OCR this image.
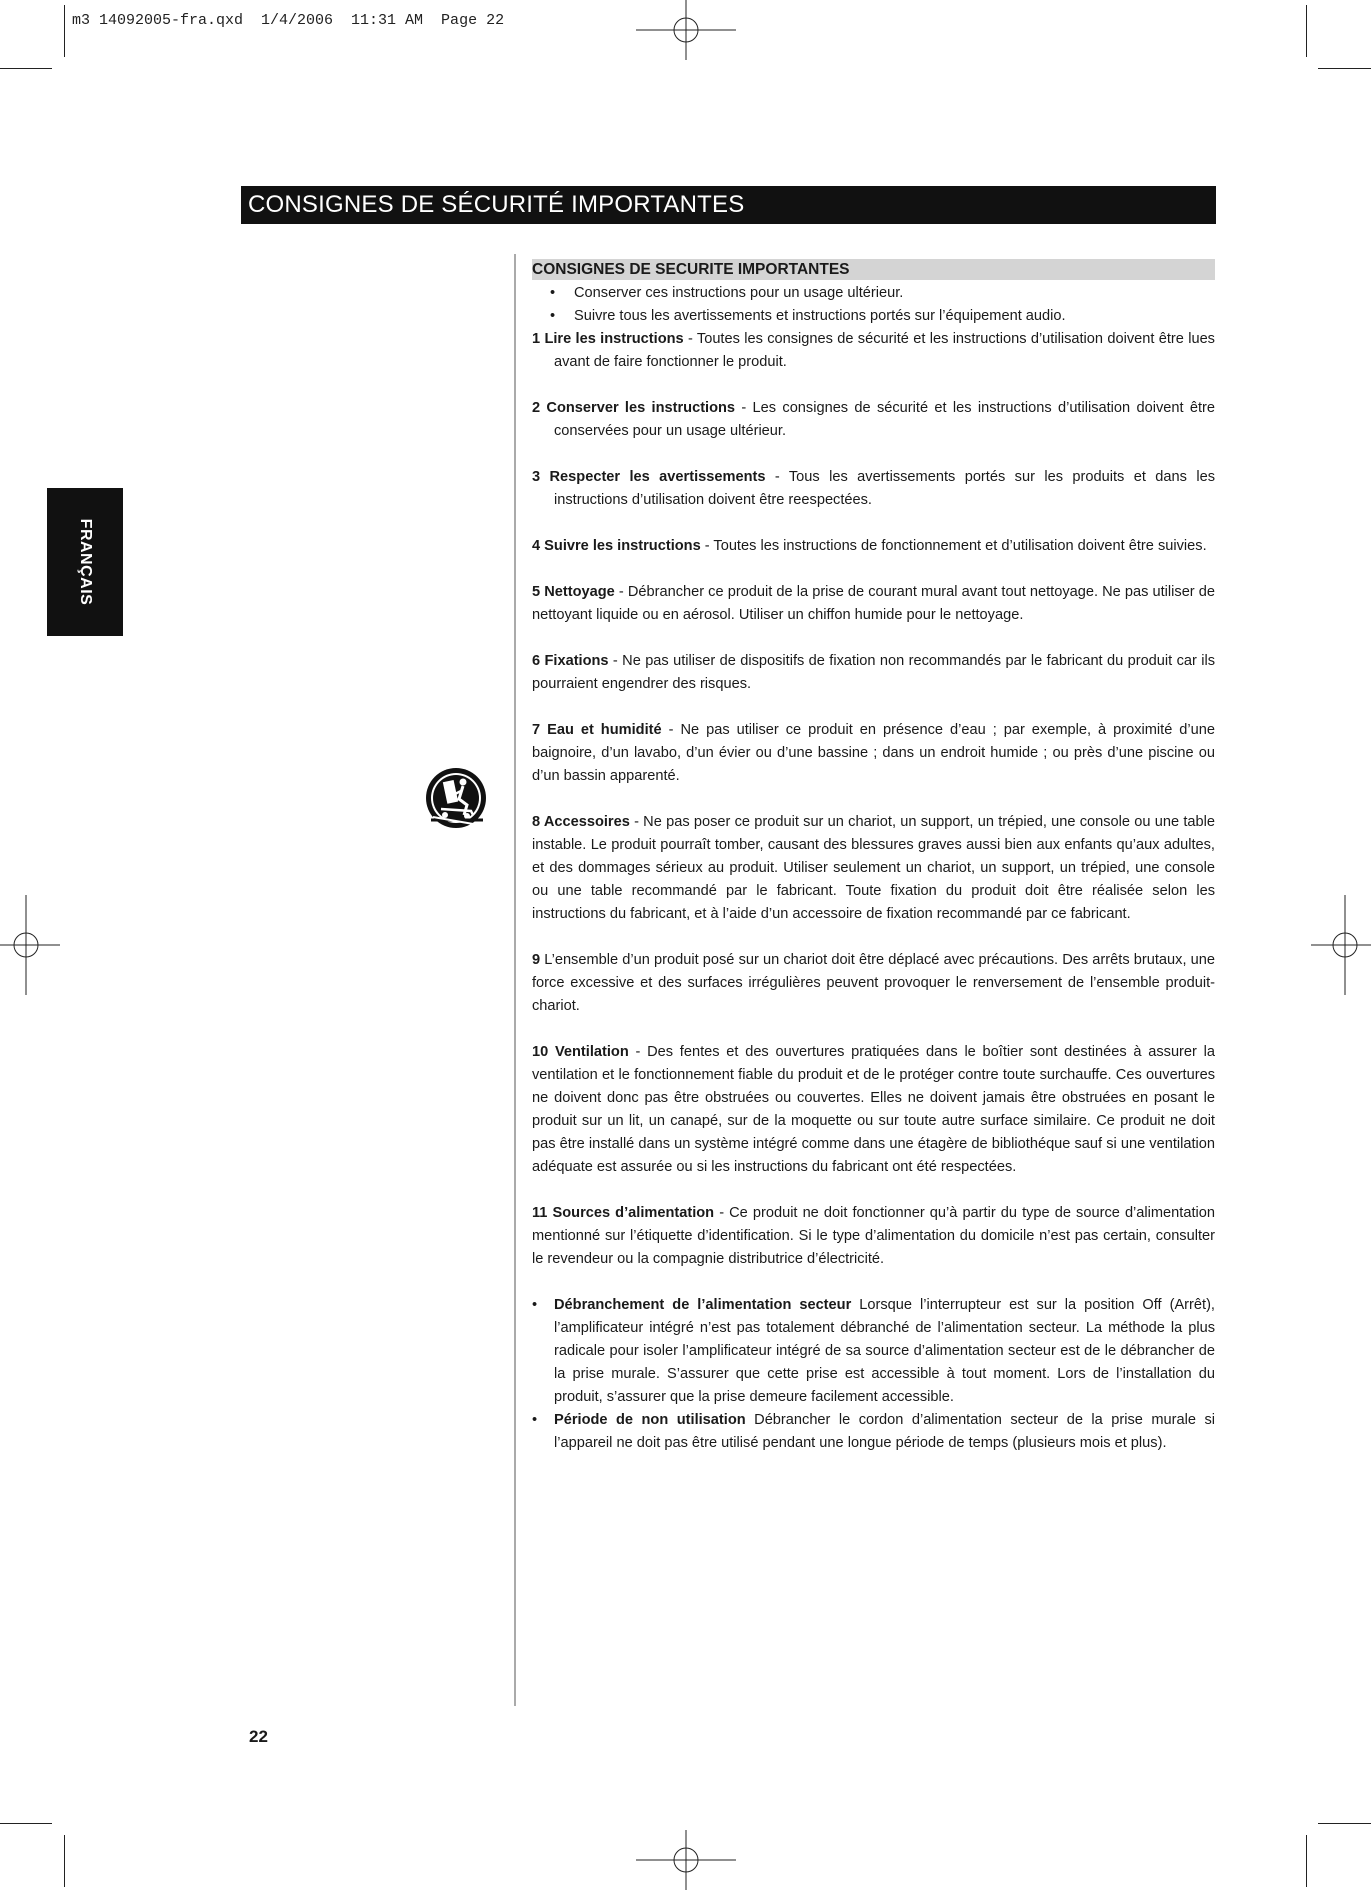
m3 14092005-fra.qxd  1/4/2006  11:31 AM  Page 22
CONSIGNES DE SÉCURITÉ IMPORTANTES
FRANÇAIS
CONSIGNES DE SECURITE IMPORTANTES
• Conserver ces instructions pour un usage ultérieur.
• Suivre tous les avertissements et instructions portés sur l’équipement audio.
1 Lire les instructions - Toutes les consignes de sécurité et les instructions d’utilisation doivent être lues avant de faire fonctionner le produit.
2 Conserver les instructions - Les consignes de sécurité et les instructions d’utilisation doivent être conservées pour un usage ultérieur.
3 Respecter les avertissements - Tous les avertissements portés sur les produits et dans les instructions d’utilisation doivent être reespectées.
4 Suivre les instructions - Toutes les instructions de fonctionnement et d’utilisation doivent être suivies.
5 Nettoyage - Débrancher ce produit de la prise de courant mural avant tout nettoyage. Ne pas utiliser de nettoyant liquide ou en aérosol. Utiliser un chiffon humide pour le nettoyage.
6 Fixations - Ne pas utiliser de dispositifs de fixation non recommandés par le fabricant du produit car ils pourraient engendrer des risques.
7 Eau et humidité - Ne pas utiliser ce produit en présence d’eau ; par exemple, à proximité d’une baignoire, d’un lavabo, d’un évier ou d’une bassine ; dans un endroit humide ; ou près d’une piscine ou d’un bassin apparenté.
8 Accessoires - Ne pas poser ce produit sur un chariot, un support, un trépied, une console ou une table instable. Le produit pourraît tomber, causant des blessures graves aussi bien aux enfants qu’aux adultes, et des dommages sérieux au produit. Utiliser seulement un chariot, un support, un trépied, une console ou une table recommandé par le fabricant. Toute fixation du produit doit être réalisée selon les instructions du fabricant, et à l’aide d’un accessoire de fixation recommandé par ce fabricant.
9 L’ensemble d’un produit posé sur un chariot doit être déplacé avec précautions. Des arrêts brutaux, une force excessive et des surfaces irrégulières peuvent provoquer le renversement de l’ensemble produit-chariot.
10 Ventilation - Des fentes et des ouvertures pratiquées dans le boîtier sont destinées à assurer la ventilation et le fonctionnement fiable du produit et de le protéger contre toute surchauffe. Ces ouvertures ne doivent donc pas être obstruées ou couvertes. Elles ne doivent jamais être obstruées en posant le produit sur un lit, un canapé, sur de la moquette ou sur toute autre surface similaire. Ce produit ne doit pas être installé dans un système intégré comme dans une étagère de bibliothéque sauf si une ventilation adéquate est assurée ou si les instructions du fabricant ont été respectées.
11 Sources d’alimentation - Ce produit ne doit fonctionner qu’à partir du type de source d’alimentation mentionné sur l’étiquette d’identification. Si le type d’alimentation du domicile n’est pas certain, consulter le revendeur ou la compagnie distributrice d’électricité.
• Débranchement de l’alimentation secteur Lorsque l’interrupteur est sur la position Off (Arrêt), l’amplificateur intégré n’est pas totalement débranché de l’alimentation secteur. La méthode la plus radicale pour isoler l’amplificateur intégré de sa source d’alimentation secteur est de le débrancher de la prise murale. S’assurer que cette prise est accessible à tout moment. Lors de l’installation du produit, s’assurer que la prise demeure facilement accessible.
• Période de non utilisation Débrancher le cordon d’alimentation secteur de la prise murale si l’appareil ne doit pas être utilisé pendant une longue période de temps (plusieurs mois et plus).
22
